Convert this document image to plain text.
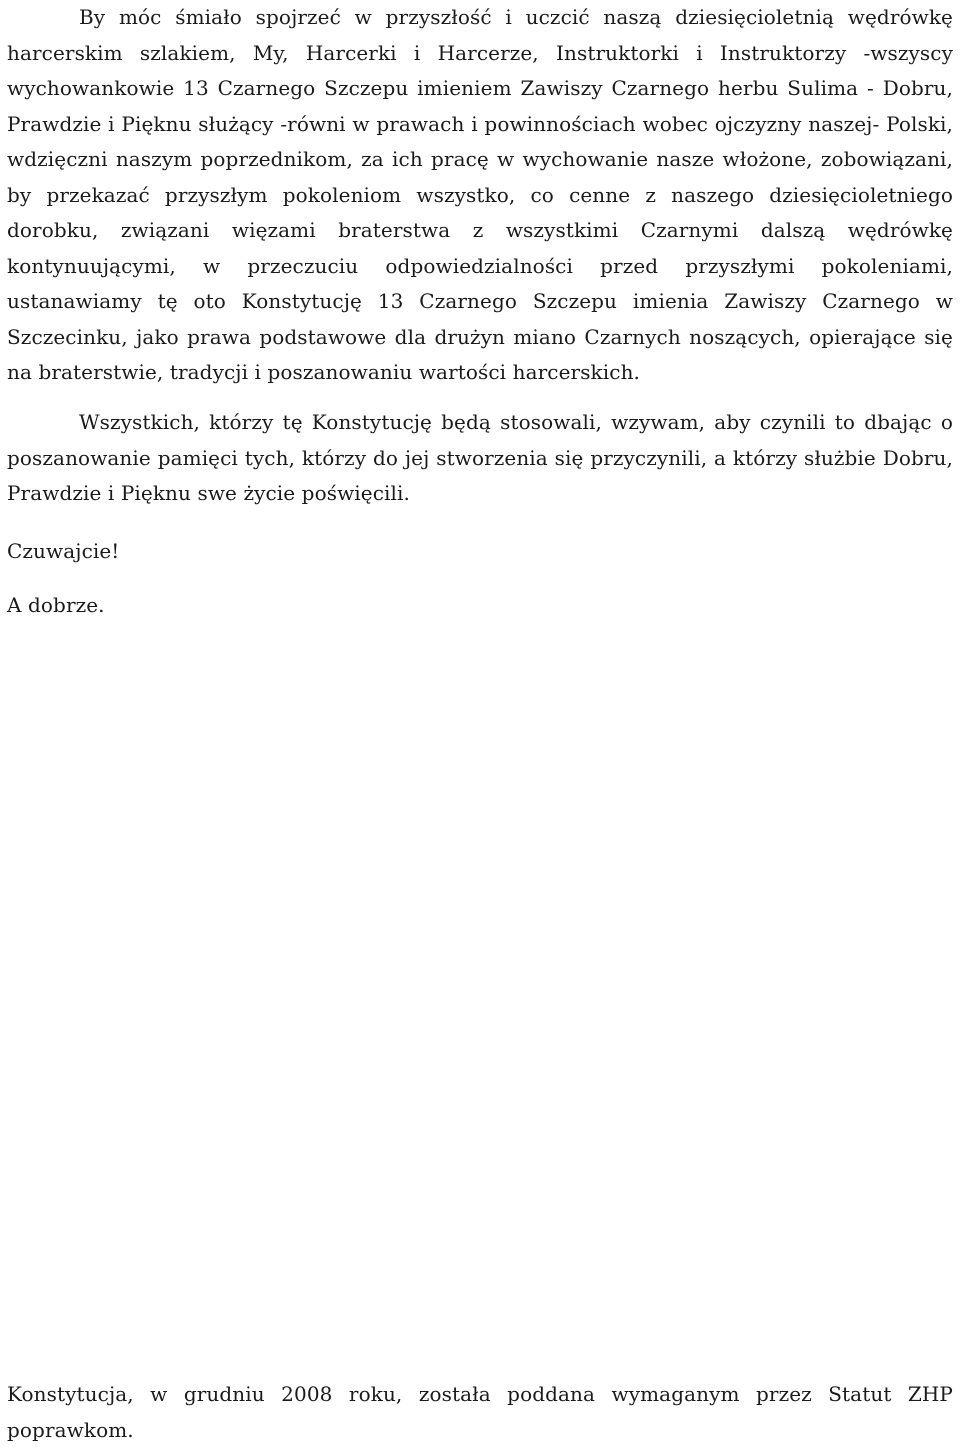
By móc śmiało spojrzeć w przyszłość i uczcić naszą dziesięcioletnią wędrówkę harcerskim szlakiem, My, Harcerki i Harcerze, Instruktorki i Instruktorzy -wszyscy wychowankowie 13 Czarnego Szczepu imieniem Zawiszy Czarnego herbu Sulima - Dobru, Prawdzie i Pięknu służący -równi w prawach i powinnościach wobec ojczyzny naszej- Polski, wdzięczni naszym poprzednikom, za ich pracę w wychowanie nasze włożone, zobowiązani, by przekazać przyszłym pokoleniom wszystko, co cenne z naszego dziesięcioletniego dorobku, związani więzami braterstwa z wszystkimi Czarnymi dalszą wędrówkę kontynuującymi, w przeczuciu odpowiedzialności przed przyszłymi pokoleniami, ustanawiamy tę oto Konstytucję 13 Czarnego Szczepu imienia Zawiszy Czarnego w Szczecinku, jako prawa podstawowe dla drużyn miano Czarnych noszących, opierające się na braterstwie, tradycji i poszanowaniu wartości harcerskich.

Wszystkich, którzy tę Konstytucję będą stosowali, wzywam, aby czynili to dbając o poszanowanie pamięci tych, którzy do jej stworzenia się przyczynili, a którzy służbie Dobru, Prawdzie i Pięknu swe życie poświęcili.

Czuwajcie!

A dobrze.

Konstytucja, w grudniu 2008 roku, została poddana wymaganym przez Statut ZHP poprawkom.
